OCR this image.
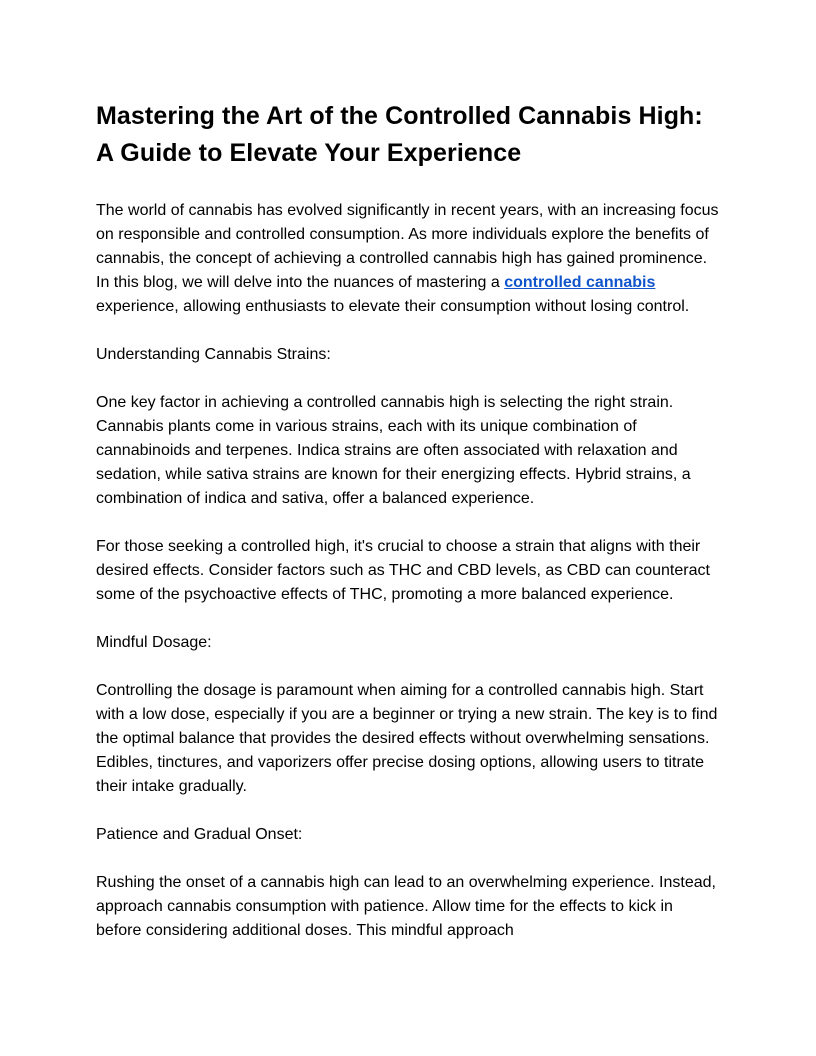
Mastering the Art of the Controlled Cannabis High: A Guide to Elevate Your Experience

The world of cannabis has evolved significantly in recent years, with an increasing focus on responsible and controlled consumption. As more individuals explore the benefits of cannabis, the concept of achieving a controlled cannabis high has gained prominence. In this blog, we will delve into the nuances of mastering a controlled cannabis experience, allowing enthusiasts to elevate their consumption without losing control.

Understanding Cannabis Strains:

One key factor in achieving a controlled cannabis high is selecting the right strain. Cannabis plants come in various strains, each with its unique combination of cannabinoids and terpenes. Indica strains are often associated with relaxation and sedation, while sativa strains are known for their energizing effects. Hybrid strains, a combination of indica and sativa, offer a balanced experience.

For those seeking a controlled high, it's crucial to choose a strain that aligns with their desired effects. Consider factors such as THC and CBD levels, as CBD can counteract some of the psychoactive effects of THC, promoting a more balanced experience.

Mindful Dosage:

Controlling the dosage is paramount when aiming for a controlled cannabis high. Start with a low dose, especially if you are a beginner or trying a new strain. The key is to find the optimal balance that provides the desired effects without overwhelming sensations. Edibles, tinctures, and vaporizers offer precise dosing options, allowing users to titrate their intake gradually.

Patience and Gradual Onset:

Rushing the onset of a cannabis high can lead to an overwhelming experience. Instead, approach cannabis consumption with patience. Allow time for the effects to kick in before considering additional doses. This mindful approach
